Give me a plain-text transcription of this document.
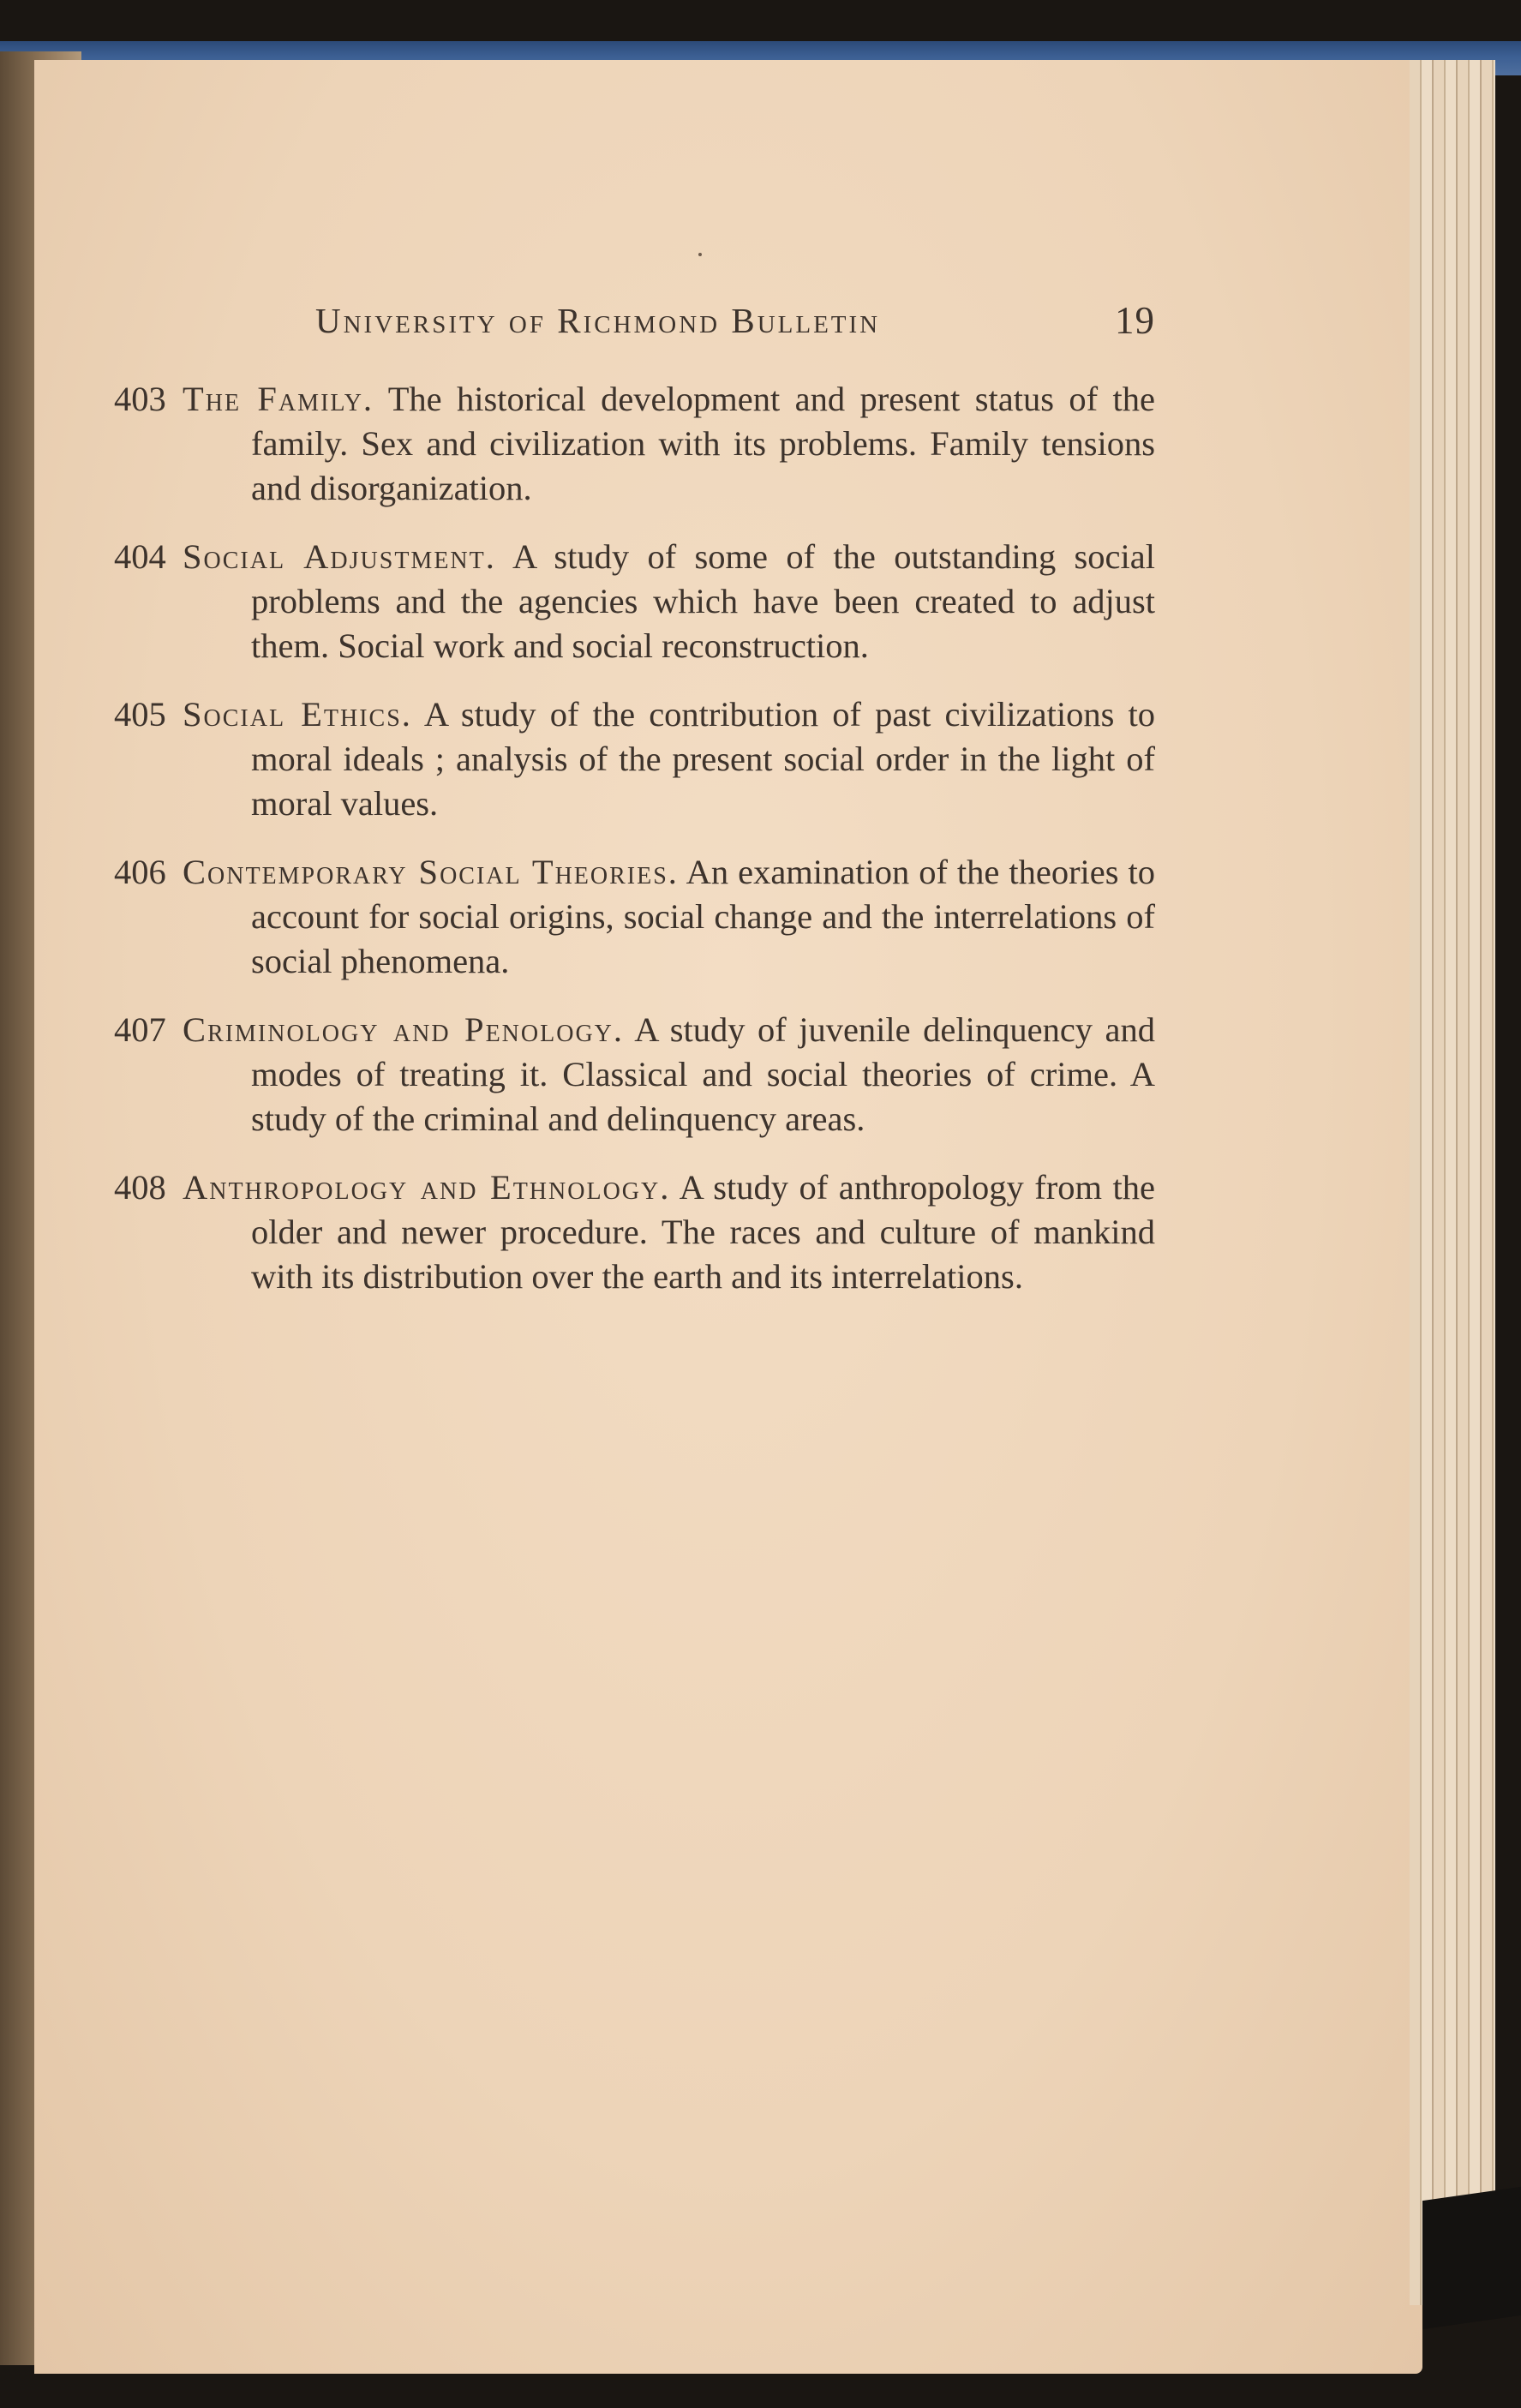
University of Richmond Bulletin	19
403 The Family. The historical development and present status of the family. Sex and civilization with its problems. Family tensions and disorganization.
404 Social Adjustment. A study of some of the outstanding social problems and the agencies which have been created to adjust them. Social work and social reconstruction.
405 Social Ethics. A study of the contribution of past civilizations to moral ideals ; analysis of the present social order in the light of moral values.
406 Contemporary Social Theories. An examination of the theories to account for social origins, social change and the interrelations of social phenomena.
407 Criminology and Penology. A study of juvenile delinquency and modes of treating it. Classical and social theories of crime. A study of the criminal and delinquency areas.
408 Anthropology and Ethnology. A study of anthropology from the older and newer procedure. The races and culture of mankind with its distribution over the earth and its interrelations.
